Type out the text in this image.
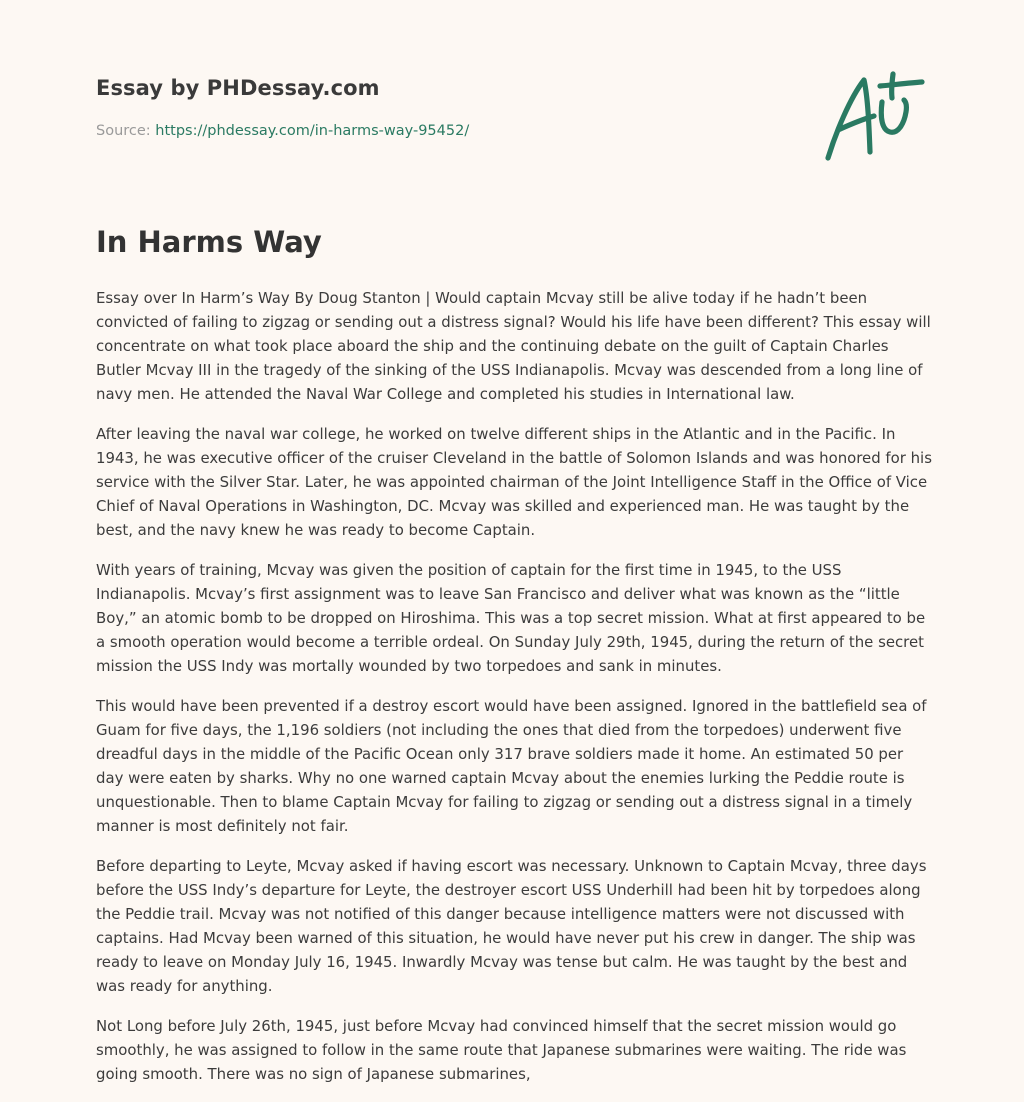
Essay by PHDessay.com
Source: https://phdessay.com/in-harms-way-95452/
In Harms Way

Essay over In Harm’s Way By Doug Stanton | Would captain Mcvay still be alive today if he hadn’t been convicted of failing to zigzag or sending out a distress signal? Would his life have been different? This essay will concentrate on what took place aboard the ship and the continuing debate on the guilt of Captain Charles Butler Mcvay III in the tragedy of the sinking of the USS Indianapolis. Mcvay was descended from a long line of navy men. He attended the Naval War College and completed his studies in International law.

After leaving the naval war college, he worked on twelve different ships in the Atlantic and in the Pacific. In 1943, he was executive officer of the cruiser Cleveland in the battle of Solomon Islands and was honored for his service with the Silver Star. Later, he was appointed chairman of the Joint Intelligence Staff in the Office of Vice Chief of Naval Operations in Washington, DC. Mcvay was skilled and experienced man. He was taught by the best, and the navy knew he was ready to become Captain.

With years of training, Mcvay was given the position of captain for the first time in 1945, to the USS Indianapolis. Mcvay’s first assignment was to leave San Francisco and deliver what was known as the “little Boy,” an atomic bomb to be dropped on Hiroshima. This was a top secret mission. What at first appeared to be a smooth operation would become a terrible ordeal. On Sunday July 29th, 1945, during the return of the secret mission the USS Indy was mortally wounded by two torpedoes and sank in minutes.

This would have been prevented if a destroy escort would have been assigned. Ignored in the battlefield sea of Guam for five days, the 1,196 soldiers (not including the ones that died from the torpedoes) underwent five dreadful days in the middle of the Pacific Ocean only 317 brave soldiers made it home. An estimated 50 per day were eaten by sharks. Why no one warned captain Mcvay about the enemies lurking the Peddie route is unquestionable. Then to blame Captain Mcvay for failing to zigzag or sending out a distress signal in a timely manner is most definitely not fair.

Before departing to Leyte, Mcvay asked if having escort was necessary. Unknown to Captain Mcvay, three days before the USS Indy’s departure for Leyte, the destroyer escort USS Underhill had been hit by torpedoes along the Peddie trail. Mcvay was not notified of this danger because intelligence matters were not discussed with captains. Had Mcvay been warned of this situation, he would have never put his crew in danger. The ship was ready to leave on Monday July 16, 1945. Inwardly Mcvay was tense but calm. He was taught by the best and was ready for anything.

Not Long before July 26th, 1945, just before Mcvay had convinced himself that the secret mission would go smoothly, he was assigned to follow in the same route that Japanese submarines were waiting. The ride was going smooth. There was no sign of Japanese submarines,
